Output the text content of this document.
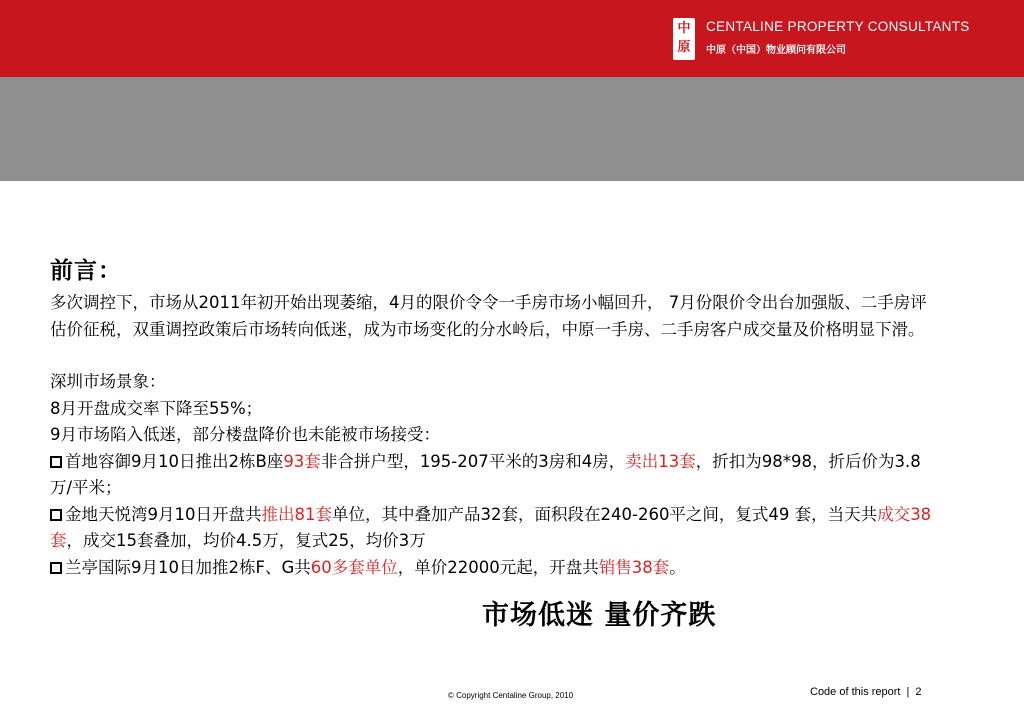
中
原
CENTALINE PROPERTY CONSULTANTS
中原（中国）物业顾问有限公司
前言：

多次调控下，市场从2011年初开始出现萎缩，4月的限价令令一手房市场小幅回升， 7月份限价令出台加强版、二手房评估价征税，双重调控政策后市场转向低迷，成为市场变化的分水岭后，中原一手房、二手房客户成交量及价格明显下滑。

深圳市场景象：
8月开盘成交率下降至55%；
9月市场陷入低迷，部分楼盘降价也未能被市场接受：
首地容御9月10日推出2栋B座93套非合拼户型，195-207平米的3房和4房，卖出13套，折扣为98*98，折后价为3.8万/平米；
金地天悦湾9月10日开盘共推出81套单位，其中叠加产品32套，面积段在240-260平之间，复式49 套，当天共成交38套，成交15套叠加，均价4.5万，复式25，均价3万
兰亭国际9月10日加推2栋F、G共60多套单位，单价22000元起，开盘共销售38套。
市场低迷 量价齐跌
© Copyright Centaline Group, 2010	Code of this report | 2
